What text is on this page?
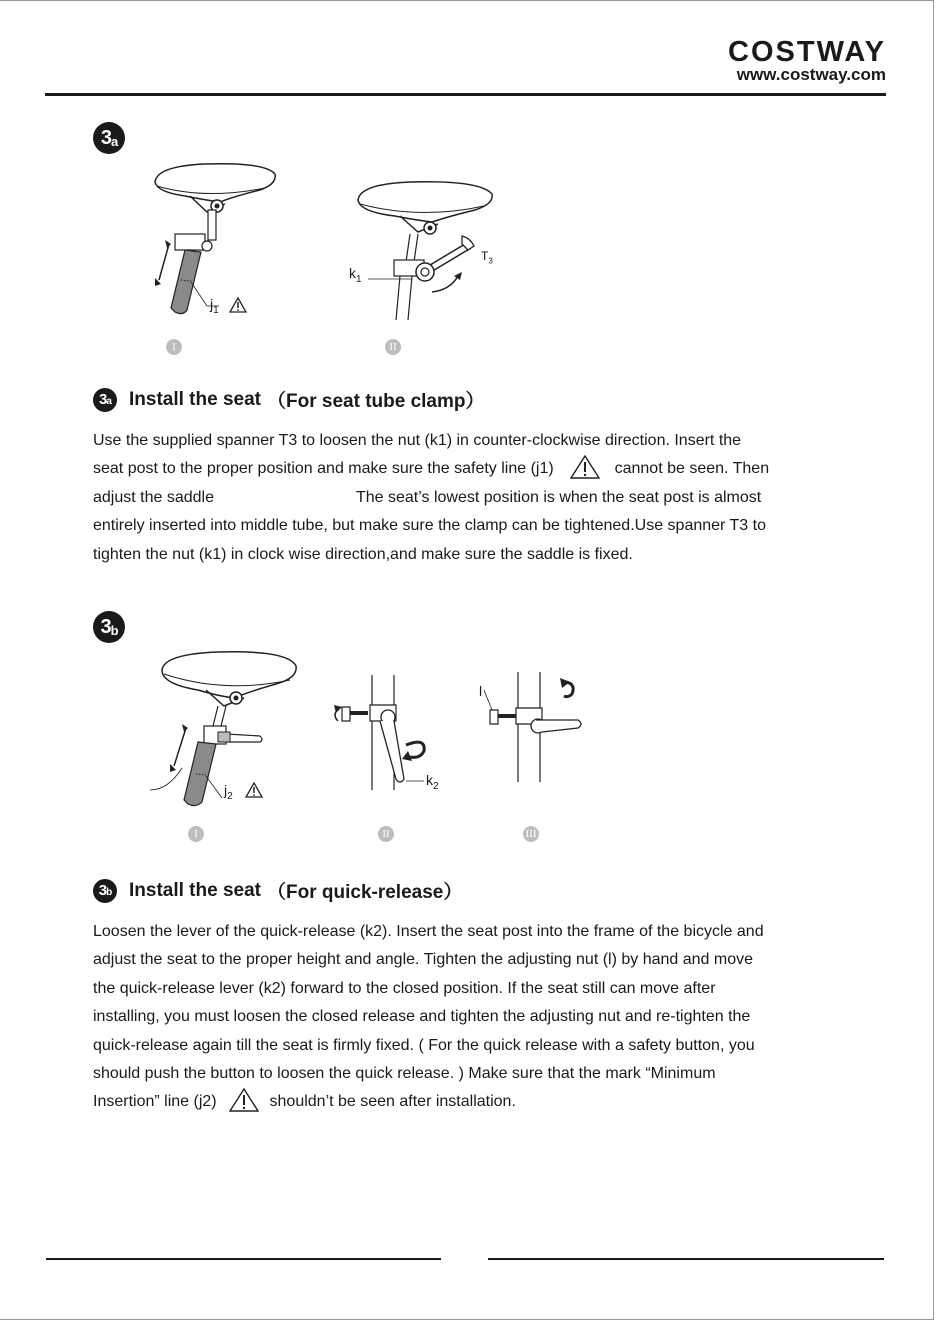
COSTWAY
www.costway.com
3 a
$j_1$
$k_1$
$T_3$
I	II
3 a Install the seat （For seat tube clamp）
Use the supplied spanner T3 to loosen the nut (k1) in counter-clockwise direction. Insert the
seat post to the proper position and make sure the safety line (j1)	cannot be seen. Then
adjust the saddle	The seat’s lowest position is when the seat post is almost
entirely inserted into middle tube, but make sure the clamp can be tightened.Use spanner T3 to
tighten the nut (k1) in clock wise direction,and make sure the saddle is fixed.
3 b
$j_2$
$k_2$
l
I	II	III
3 b Install the seat （For quick-release）
Loosen the lever of the quick-release (k2). Insert the seat post into the frame of the bicycle and
adjust the seat to the proper height and angle. Tighten the adjusting nut (l) by hand and move
the quick-release lever (k2) forward to the closed position. If the seat still can move after
installing, you must loosen the closed release and tighten the adjusting nut and re-tighten the
quick-release again till the seat is firmly fixed. ( For the quick release with a safety button, you
should push the button to loosen the quick release. ) Make sure that the mark “Minimum
Insertion” line (j2)	shouldn’t be seen after installation.
